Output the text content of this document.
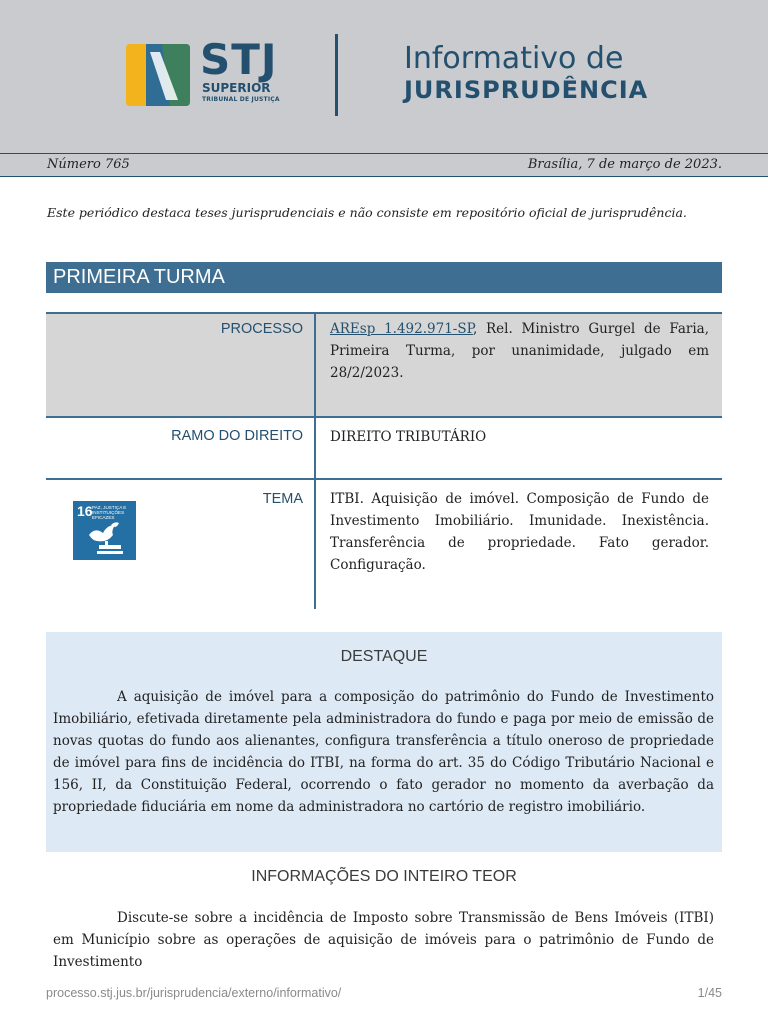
STJ
SUPERIOR
TRIBUNAL DE JUSTIÇA
Informativo de
JURISPRUDÊNCIA
Número 765	Brasília, 7 de março de 2023.
Este periódico destaca teses jurisprudenciais e não consiste em repositório oficial de jurisprudência.
PRIMEIRA TURMA
PROCESSO AREsp 1.492.971-SP, Rel. Ministro Gurgel de Faria, Primeira Turma, por unanimidade, julgado em 28/2/2023.
RAMO DO DIREITO DIREITO TRIBUTÁRIO
TEMA ITBI. Aquisição de imóvel. Composição de Fundo de Investimento Imobiliário. Imunidade. Inexistência. Transferência de propriedade. Fato gerador. Configuração.
16 PAZ, JUSTIÇA E INSTITUIÇÕES EFICAZES
DESTAQUE
A aquisição de imóvel para a composição do patrimônio do Fundo de Investimento Imobiliário, efetivada diretamente pela administradora do fundo e paga por meio de emissão de novas quotas do fundo aos alienantes, configura transferência a título oneroso de propriedade de imóvel para fins de incidência do ITBI, na forma do art. 35 do Código Tributário Nacional e 156, II, da Constituição Federal, ocorrendo o fato gerador no momento da averbação da propriedade fiduciária em nome da administradora no cartório de registro imobiliário.
INFORMAÇÕES DO INTEIRO TEOR
Discute-se sobre a incidência de Imposto sobre Transmissão de Bens Imóveis (ITBI) em Município sobre as operações de aquisição de imóveis para o patrimônio de Fundo de Investimento
processo.stj.jus.br/jurisprudencia/externo/informativo/	1/45
